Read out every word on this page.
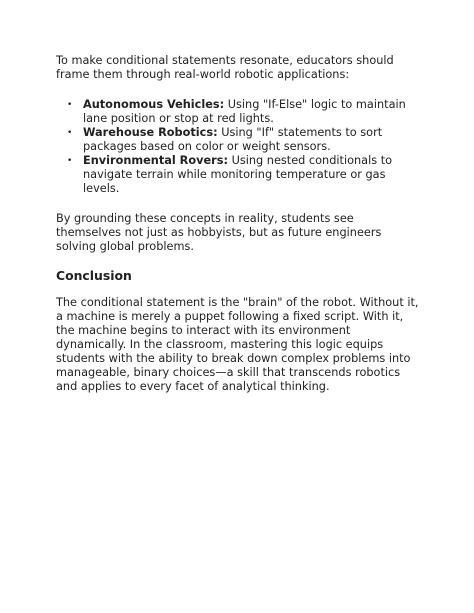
To make conditional statements resonate, educators should frame them through real-world robotic applications:

• Autonomous Vehicles: Using "If-Else" logic to maintain lane position or stop at red lights.
• Warehouse Robotics: Using "If" statements to sort packages based on color or weight sensors.
• Environmental Rovers: Using nested conditionals to navigate terrain while monitoring temperature or gas levels.

By grounding these concepts in reality, students see themselves not just as hobbyists, but as future engineers solving global problems.

Conclusion

The conditional statement is the "brain" of the robot. Without it, a machine is merely a puppet following a fixed script. With it, the machine begins to interact with its environment dynamically. In the classroom, mastering this logic equips students with the ability to break down complex problems into manageable, binary choices—a skill that transcends robotics and applies to every facet of analytical thinking.
